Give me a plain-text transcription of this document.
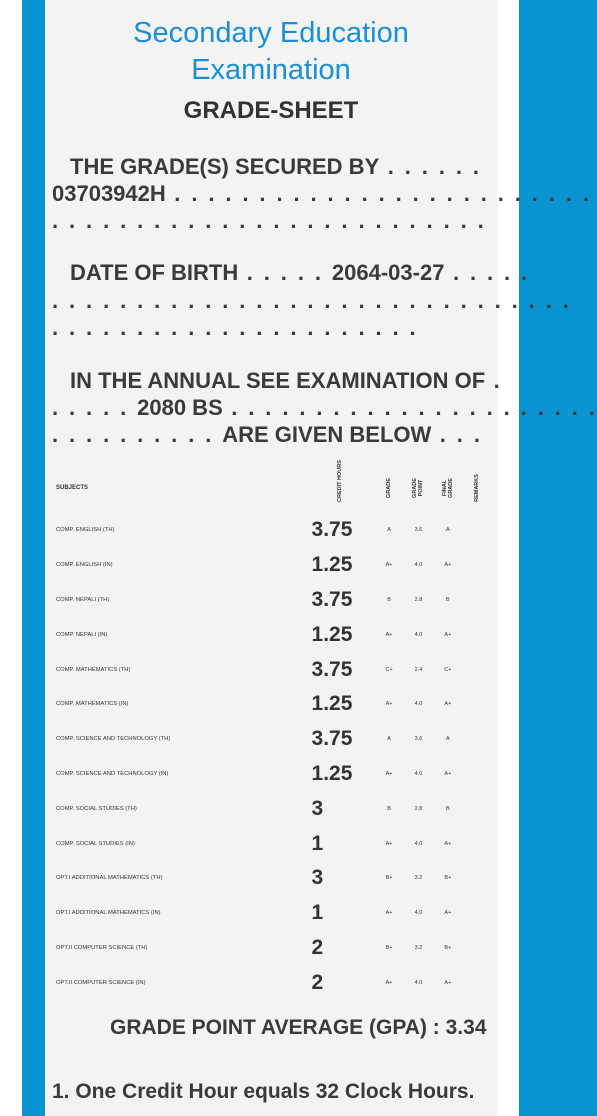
Secondary Education
Examination
GRADE-SHEET
THE GRADE(S) SECURED BY . . . . . .
03703942H . . . . . . . . . . . . . . . . . . . . . . . . .
. . . . . . . . . . . . . . . . . . . . . . . . . .
DATE OF BIRTH . . . . . 2064-03-27 . . . . .
. . . . . . . . . . . . . . . . . . . . . . . . . . . . . . .
. . . . . . . . . . . . . . . . . . . . . .
IN THE ANNUAL SEE EXAMINATION OF .
. . . . . 2080 BS . . . . . . . . . . . . . . . . . . . . . .
. . . . . . . . . . ARE GIVEN BELOW . . .
SUBJECTS	CREDIT HOURS	GRADE	GRADE POINT	FINAL GRADE	REMARKS
COMP. ENGLISH (TH)	3.75	A	3.6	A	
COMP. ENGLISH (IN)	1.25	A+	4.0	A+	
COMP. NEPALI (TH)	3.75	B	2.8	B	
COMP. NEPALI (IN)	1.25	A+	4.0	A+	
COMP. MATHEMATICS (TH)	3.75	C+	2.4	C+	
COMP. MATHEMATICS (IN)	1.25	A+	4.0	A+	
COMP. SCIENCE AND TECHNOLOGY (TH)	3.75	A	3.6	A	
COMP. SCIENCE AND TECHNOLOGY (IN)	1.25	A+	4.0	A+	
COMP. SOCIAL STUDIES (TH)	3	B	2.8	B	
COMP. SOCIAL STUDIES (IN)	1	A+	4.0	A+	
OPT.I ADDITIONAL MATHEMATICS (TH)	3	B+	3.2	B+	
OPT.I ADDITIONAL MATHEMATICS (IN)	1	A+	4.0	A+	
OPT.II COMPUTER SCIENCE (TH)	2	B+	3.2	B+	
OPT.II COMPUTER SCIENCE (IN)	2	A+	4.0	A+	
GRADE POINT AVERAGE (GPA) : 3.34
1. One Credit Hour equals 32 Clock Hours.
